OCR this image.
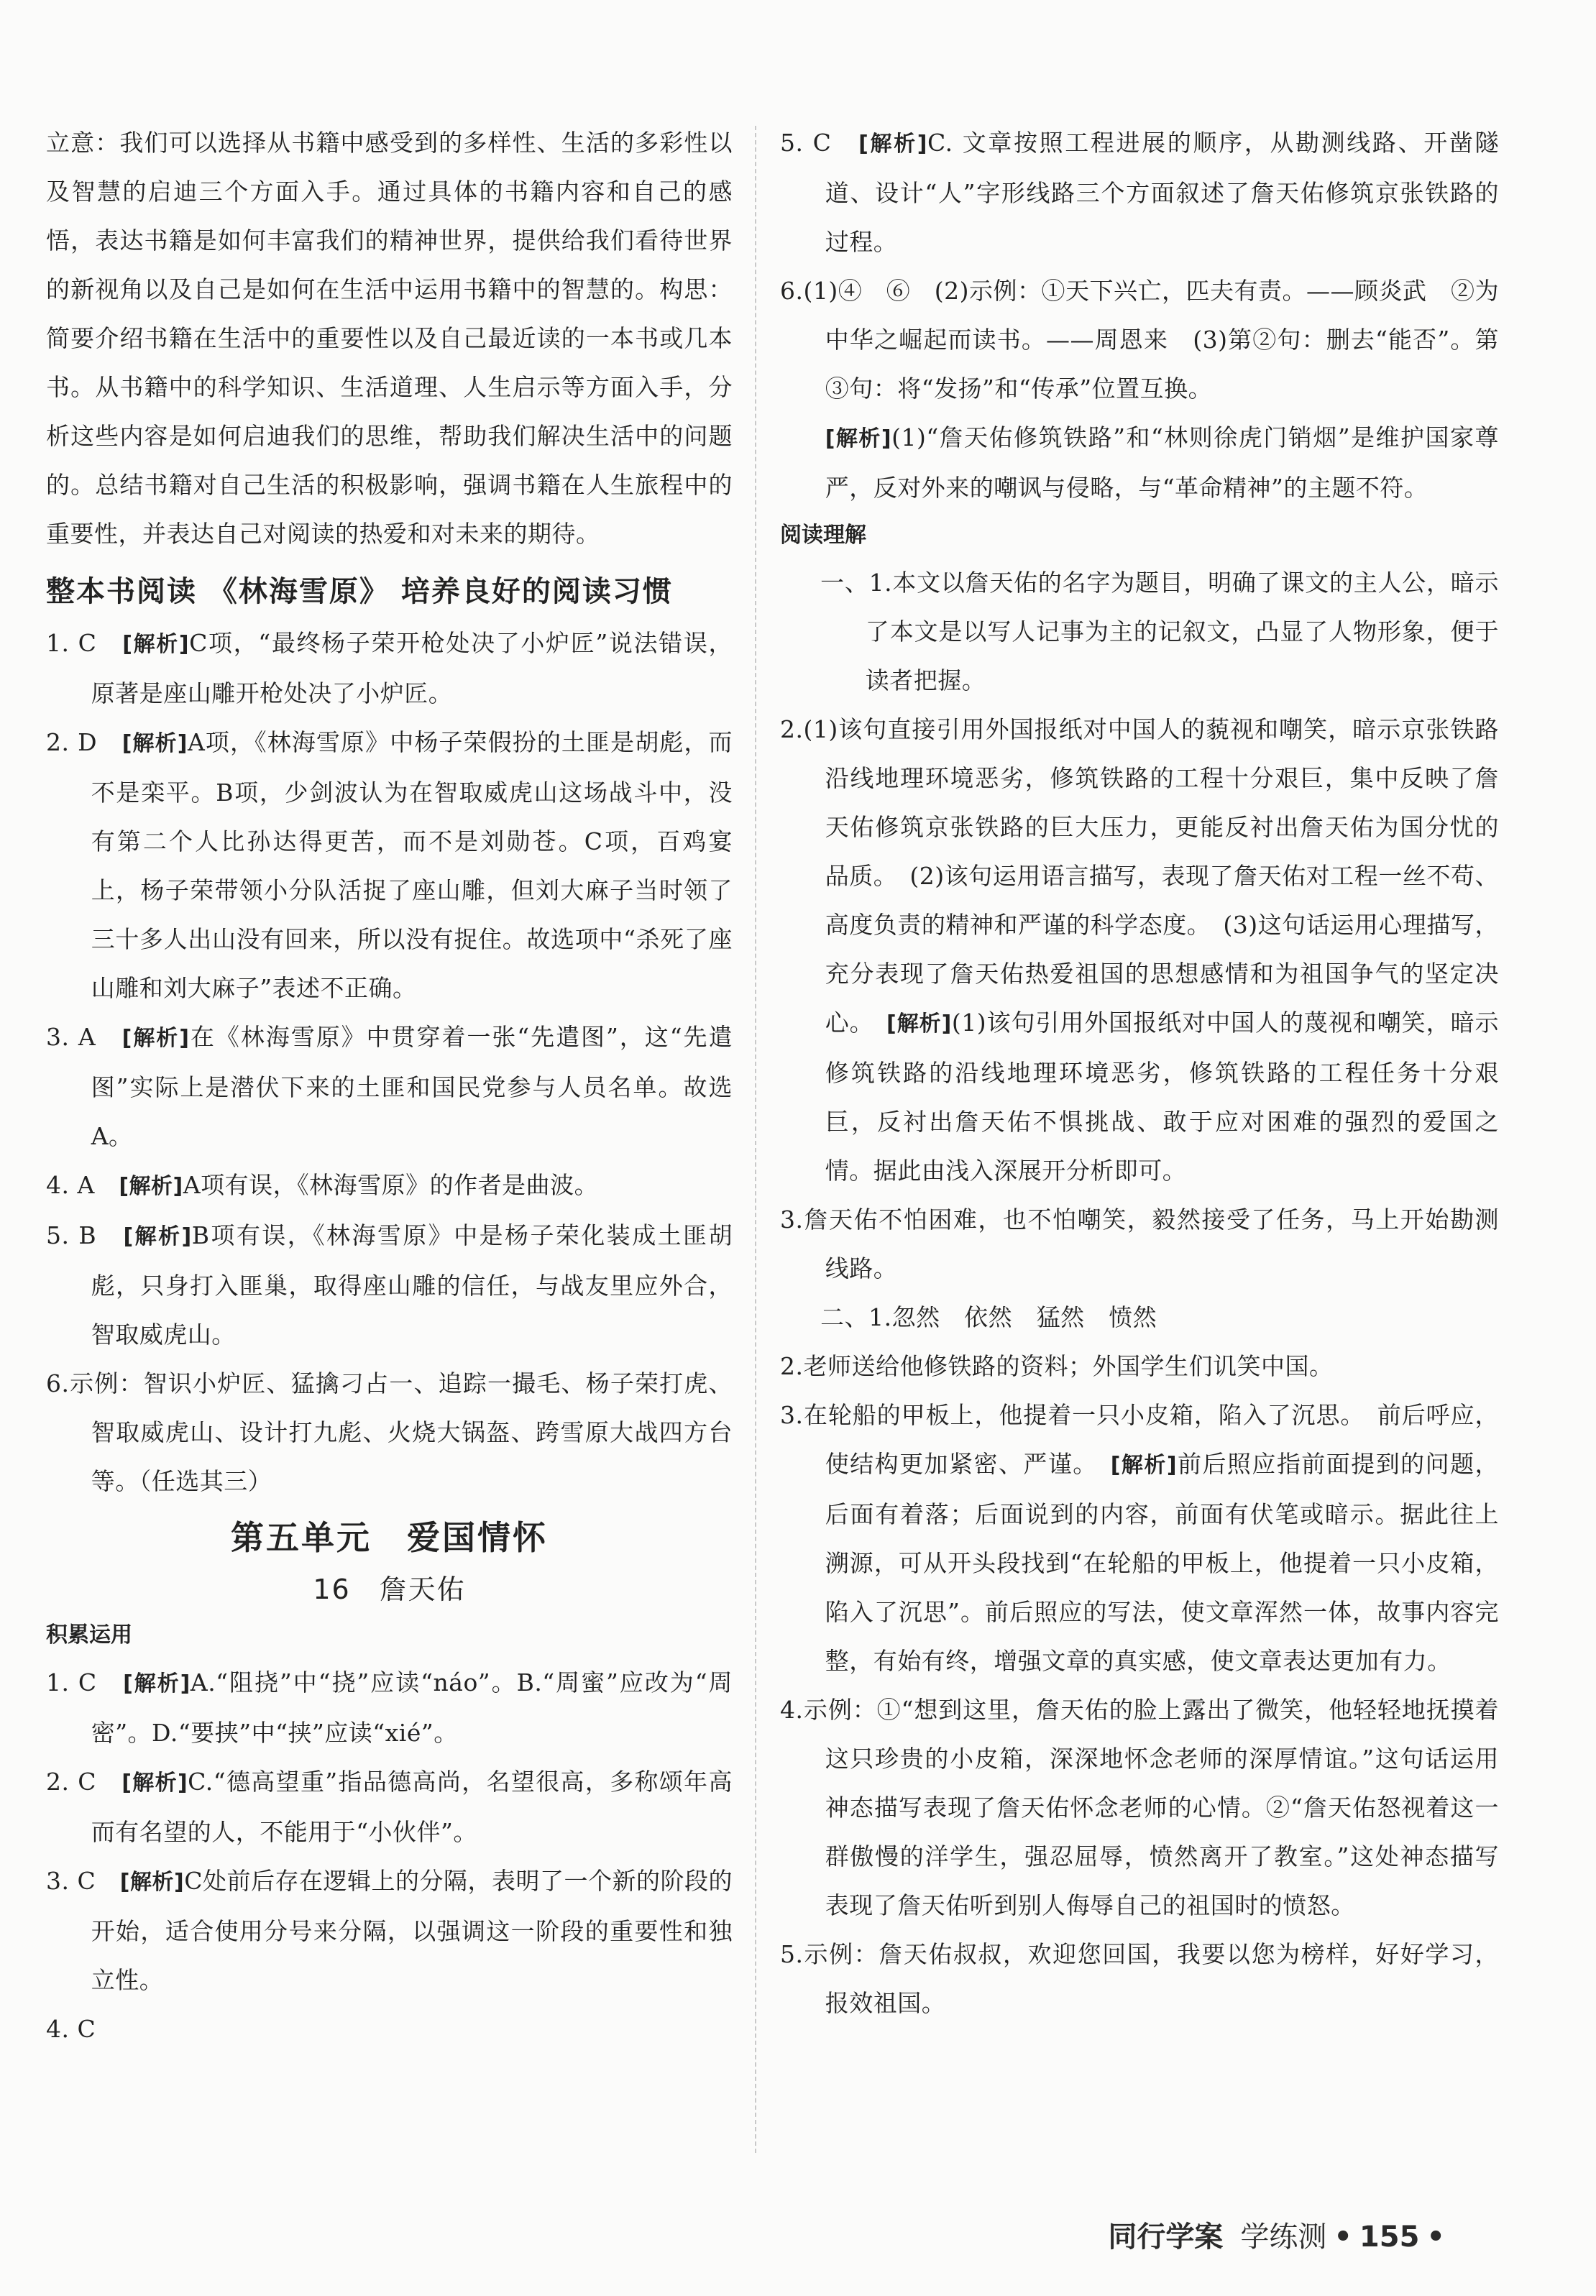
立意：我们可以选择从书籍中感受到的多样性、生活的多彩性以及智慧的启迪三个方面入手。通过具体的书籍内容和自己的感悟，表达书籍是如何丰富我们的精神世界，提供给我们看待世界的新视角以及自己是如何在生活中运用书籍中的智慧的。构思：简要介绍书籍在生活中的重要性以及自己最近读的一本书或几本书。从书籍中的科学知识、生活道理、人生启示等方面入手，分析这些内容是如何启迪我们的思维，帮助我们解决生活中的问题的。总结书籍对自己生活的积极影响，强调书籍在人生旅程中的重要性，并表达自己对阅读的热爱和对未来的期待。

整本书阅读 《林海雪原》 培养良好的阅读习惯

1. C　 [解析]C项，“最终杨子荣开枪处决了小炉匠”说法错误，原著是座山雕开枪处决了小炉匠。

2. D　 [解析]A项，《林海雪原》中杨子荣假扮的土匪是胡彪，而不是栾平。B项，少剑波认为在智取威虎山这场战斗中，没有第二个人比孙达得更苦，而不是刘勋苍。C项，百鸡宴上，杨子荣带领小分队活捉了座山雕，但刘大麻子当时领了三十多人出山没有回来，所以没有捉住。故选项中“杀死了座山雕和刘大麻子”表述不正确。

3. A　 [解析]在《林海雪原》中贯穿着一张“先遣图”，这“先遣图”实际上是潜伏下来的土匪和国民党参与人员名单。故选A。

4. A　 [解析]A项有误，《林海雪原》的作者是曲波。

5. B　 [解析]B项有误，《林海雪原》中是杨子荣化装成土匪胡彪，只身打入匪巢，取得座山雕的信任，与战友里应外合，智取威虎山。

6.示例：智识小炉匠、猛擒刁占一、追踪一撮毛、杨子荣打虎、智取威虎山、设计打九彪、火烧大锅盔、跨雪原大战四方台等。（任选其三）

第五单元　爱国情怀
16　詹天佑
积累运用

1. C　 [解析]A.“阻挠”中“挠”应读“náo”。B.“周蜜”应改为“周密”。D.“要挟”中“挟”应读“xié”。

2. C　 [解析]C.“德高望重”指品德高尚，名望很高，多称颂年高而有名望的人，不能用于“小伙伴”。

3. C　 [解析]C处前后存在逻辑上的分隔，表明了一个新的阶段的开始，适合使用分号来分隔，以强调这一阶段的重要性和独立性。

4. C

5. C　 [解析]C. 文章按照工程进展的顺序，从勘测线路、开凿隧道、设计“人”字形线路三个方面叙述了詹天佑修筑京张铁路的过程。

6.(1)④　⑥　(2)示例：①天下兴亡，匹夫有责。——顾炎武　②为中华之崛起而读书。——周恩来　(3)第②句：删去“能否”。第③句：将“发扬”和“传承”位置互换。

[解析](1)“詹天佑修筑铁路”和“林则徐虎门销烟”是维护国家尊严，反对外来的嘲讽与侵略，与“革命精神”的主题不符。

阅读理解

一、1.本文以詹天佑的名字为题目，明确了课文的主人公，暗示了本文是以写人记事为主的记叙文，凸显了人物形象，便于读者把握。

2.(1)该句直接引用外国报纸对中国人的藐视和嘲笑，暗示京张铁路沿线地理环境恶劣，修筑铁路的工程十分艰巨，集中反映了詹天佑修筑京张铁路的巨大压力，更能反衬出詹天佑为国分忧的品质。　(2)该句运用语言描写，表现了詹天佑对工程一丝不苟、高度负责的精神和严谨的科学态度。　(3)这句话运用心理描写，充分表现了詹天佑热爱祖国的思想感情和为祖国争气的坚定决心。　 [解析](1)该句引用外国报纸对中国人的蔑视和嘲笑，暗示修筑铁路的沿线地理环境恶劣，修筑铁路的工程任务十分艰巨，反衬出詹天佑不惧挑战、敢于应对困难的强烈的爱国之情。据此由浅入深展开分析即可。

3.詹天佑不怕困难，也不怕嘲笑，毅然接受了任务，马上开始勘测线路。

二、1.忽然　依然　猛然　愤然

2.老师送给他修铁路的资料；外国学生们讥笑中国。

3.在轮船的甲板上，他提着一只小皮箱，陷入了沉思。　前后呼应，使结构更加紧密、严谨。　 [解析]前后照应指前面提到的问题，后面有着落；后面说到的内容，前面有伏笔或暗示。据此往上溯源，可从开头段找到“在轮船的甲板上，他提着一只小皮箱，陷入了沉思”。前后照应的写法，使文章浑然一体，故事内容完整，有始有终，增强文章的真实感，使文章表达更加有力。

4.示例：①“想到这里，詹天佑的脸上露出了微笑，他轻轻地抚摸着这只珍贵的小皮箱，深深地怀念老师的深厚情谊。”这句话运用神态描写表现了詹天佑怀念老师的心情。②“詹天佑怒视着这一群傲慢的洋学生，强忍屈辱，愤然离开了教室。”这处神态描写表现了詹天佑听到别人侮辱自己的祖国时的愤怒。

5.示例：詹天佑叔叔，欢迎您回国，我要以您为榜样，好好学习，报效祖国。

同行学案 学练测 • 155 •
